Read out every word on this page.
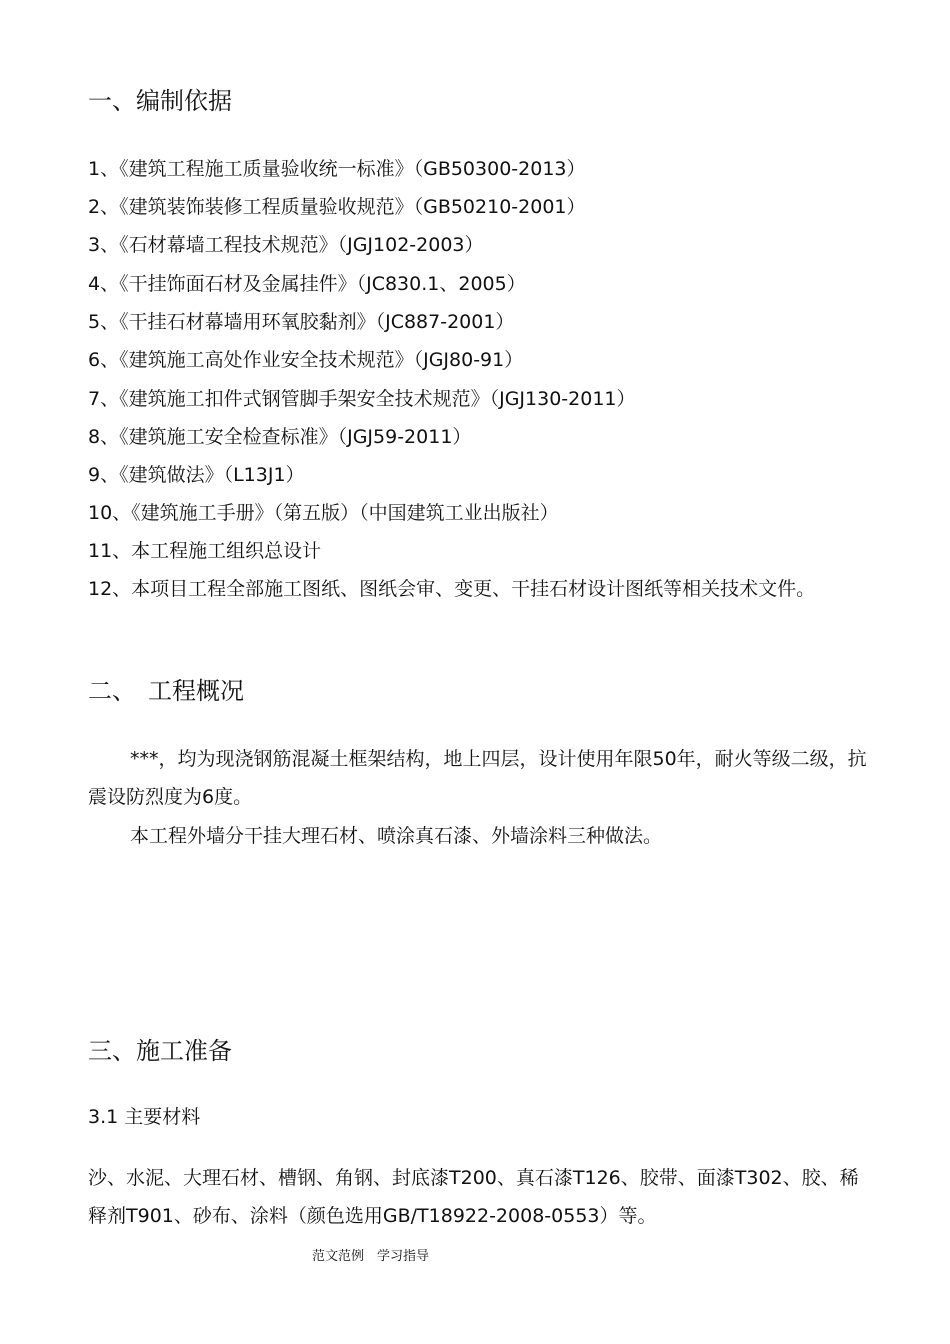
一、编制依据
1、《建筑工程施工质量验收统一标准》（GB50300-2013）
2、《建筑装饰装修工程质量验收规范》（GB50210-2001）
3、《石材幕墙工程技术规范》（JGJ102-2003）
4、《干挂饰面石材及金属挂件》（JC830.1、2005）
5、《干挂石材幕墙用环氧胶黏剂》（JC887-2001）
6、《建筑施工高处作业安全技术规范》（JGJ80-91）
7、《建筑施工扣件式钢管脚手架安全技术规范》（JGJ130-2011）
8、《建筑施工安全检查标准》（JGJ59-2011）
9、《建筑做法》（L13J1）
10、《建筑施工手册》（第五版）（中国建筑工业出版社）
11、本工程施工组织总设计
12、本项目工程全部施工图纸、图纸会审、变更、干挂石材设计图纸等相关技术文件。
二、　工程概况
***，均为现浇钢筋混凝土框架结构，地上四层，设计使用年限50年，耐火等级二级，抗震设防烈度为6度。
本工程外墙分干挂大理石材、喷涂真石漆、外墙涂料三种做法。
三、施工准备
3.1 主要材料
沙、水泥、大理石材、槽钢、角钢、封底漆T200、真石漆T126、胶带、面漆T302、胶、稀释剂T901、砂布、涂料（颜色选用GB/T18922-2008-0553）等。
范文范例　学习指导
